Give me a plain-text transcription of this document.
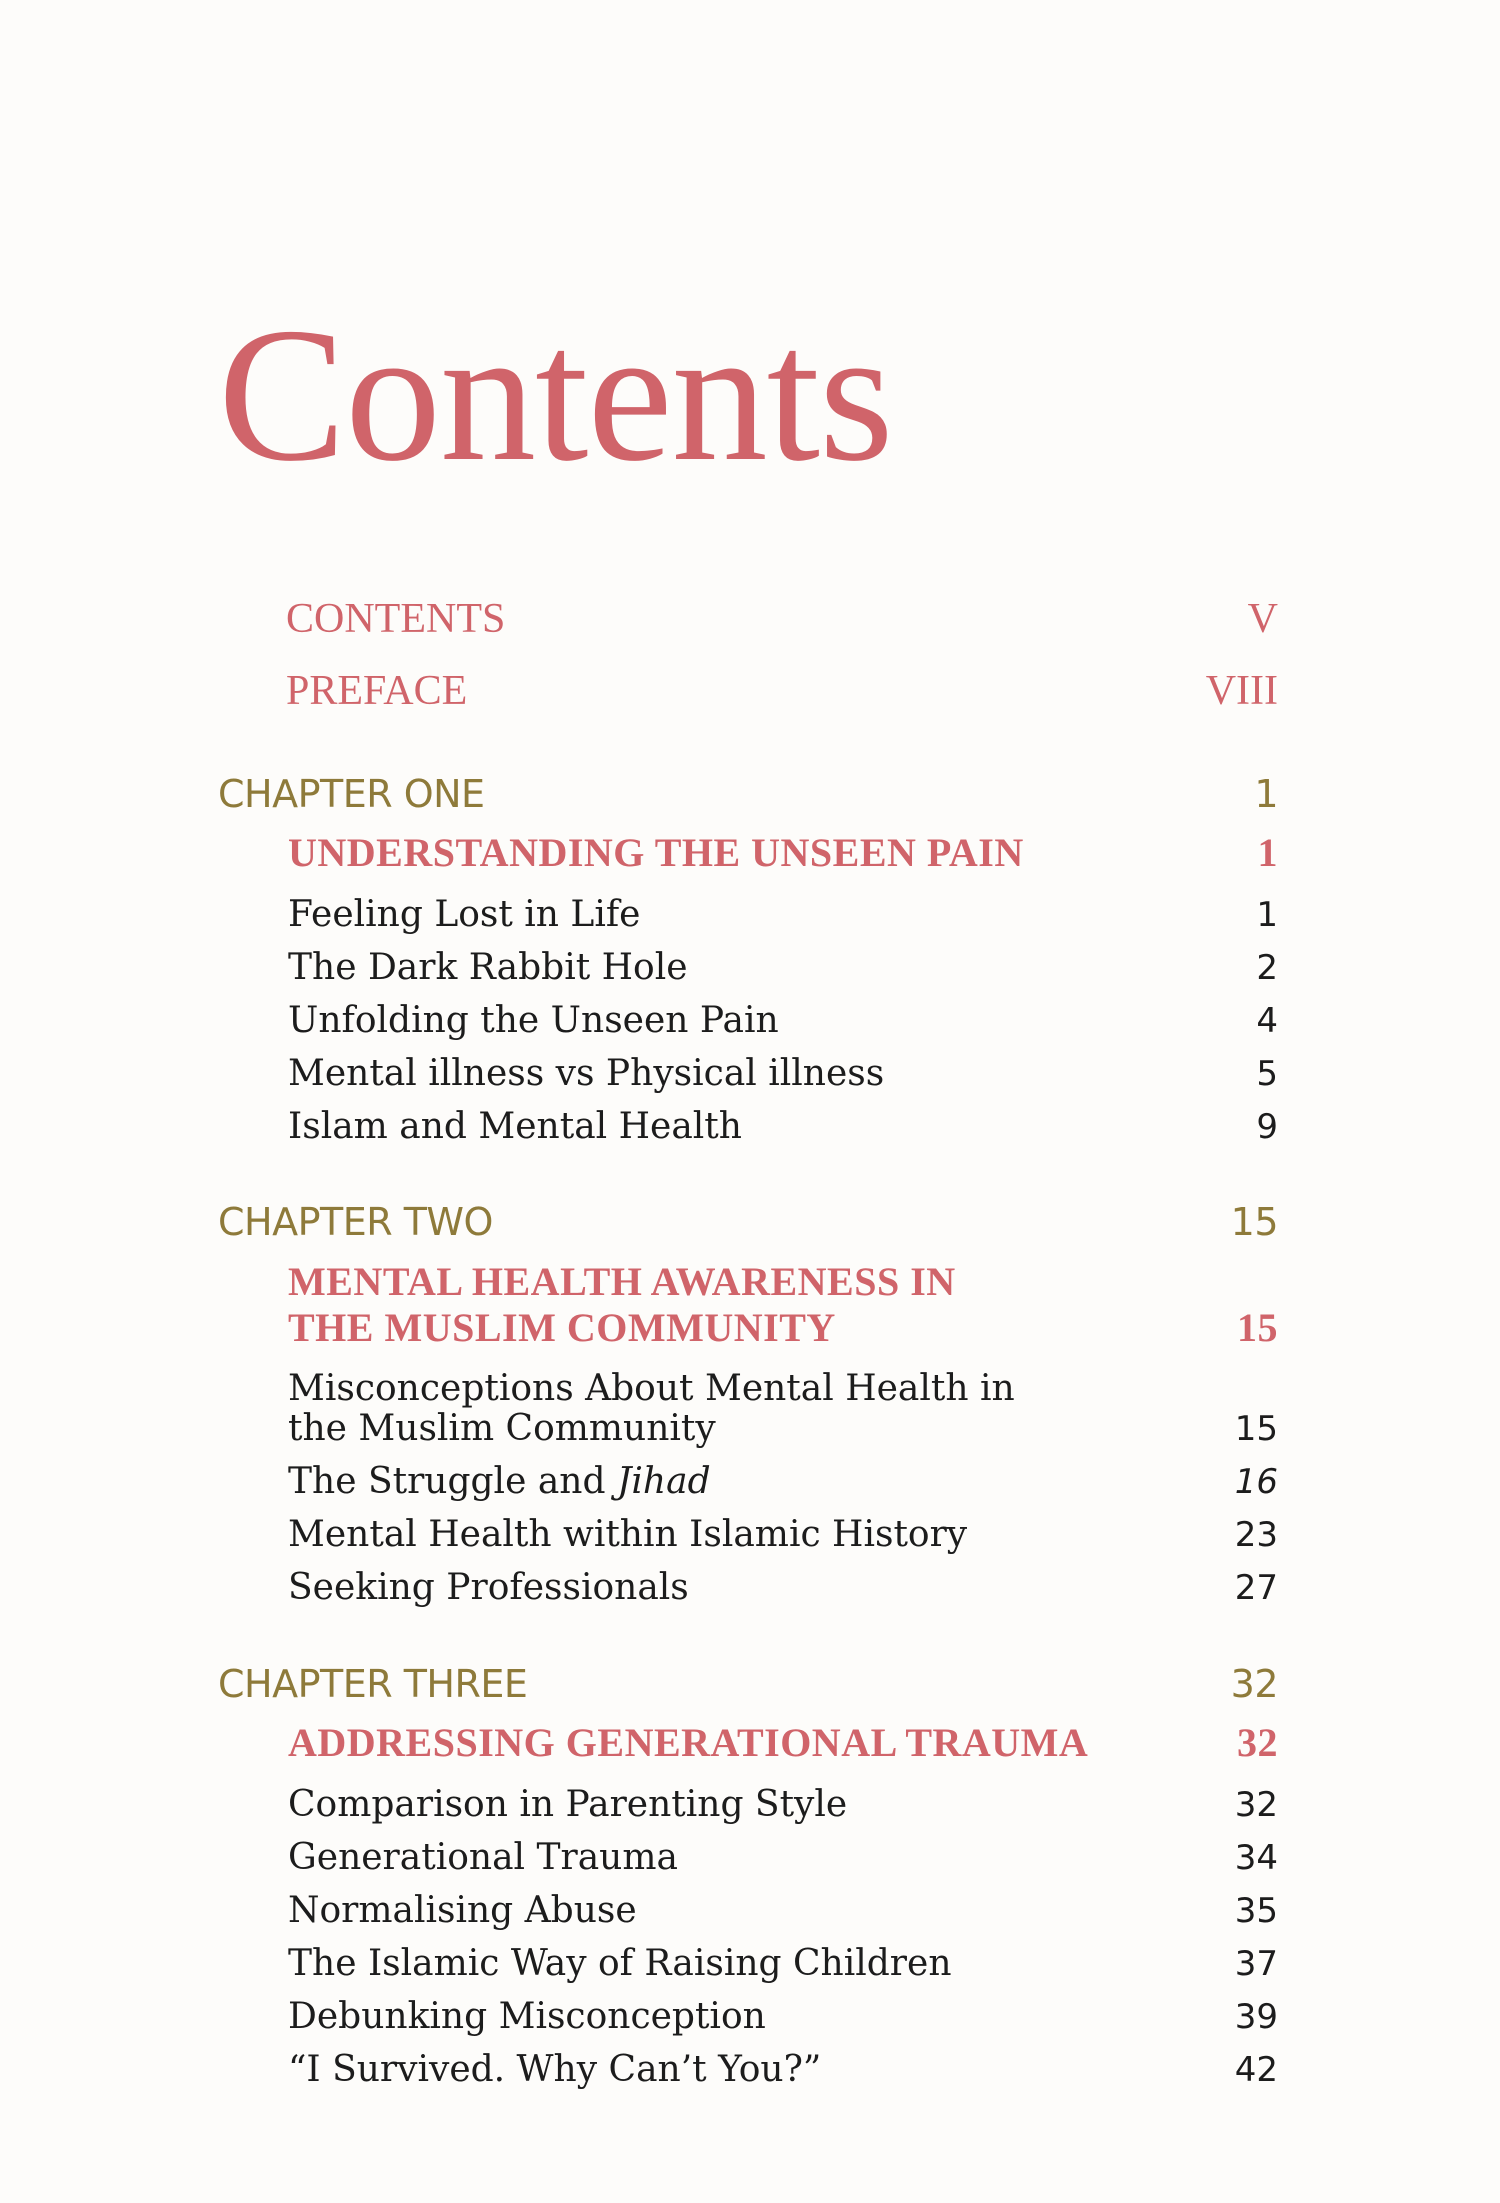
Contents
CONTENTS	V
PREFACE	VIII
CHAPTER ONE	1
UNDERSTANDING THE UNSEEN PAIN	1
Feeling Lost in Life	1
The Dark Rabbit Hole	2
Unfolding the Unseen Pain	4
Mental illness vs Physical illness	5
Islam and Mental Health	9
CHAPTER TWO	15
MENTAL HEALTH AWARENESS IN
THE MUSLIM COMMUNITY	15
Misconceptions About Mental Health in
the Muslim Community	15
The Struggle and Jihad	16
Mental Health within Islamic History	23
Seeking Professionals	27
CHAPTER THREE	32
ADDRESSING GENERATIONAL TRAUMA	32
Comparison in Parenting Style	32
Generational Trauma	34
Normalising Abuse	35
The Islamic Way of Raising Children	37
Debunking Misconception	39
“I Survived. Why Can’t You?”	42
